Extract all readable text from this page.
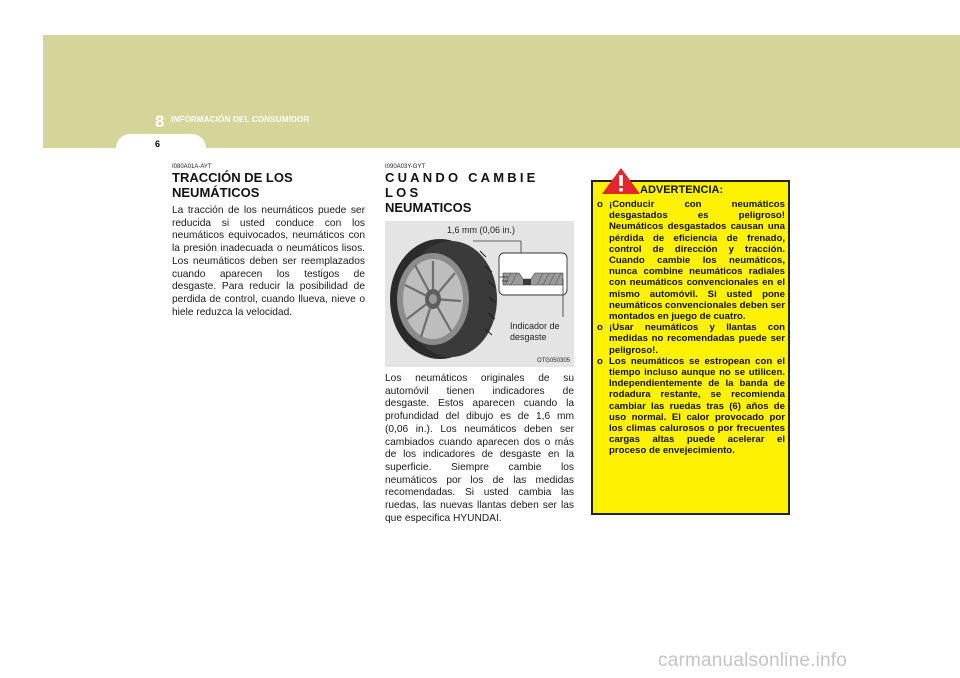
8 INFORMACIÓN DEL CONSUMIDOR
6
I080A01A-AYT
TRACCIÓN DE LOS
NEUMÁTICOS
La tracción de los neumáticos puede ser reducida si usted conduce con los neumáticos equivocados, neumáticos con la presión inadecuada o neumáticos lisos. Los neumáticos deben ser reemplazados cuando aparecen los testigos de desgaste. Para reducir la posibilidad de perdida de control, cuando llueva, nieve o hiele reduzca la velocidad.
I090A03Y-GYT
CUANDO CAMBIE LOS
NEUMATICOS
1,6 mm (0,06 in.)
Indicador de
desgaste
OTG050305
Los neumáticos originales de su automóvil tienen indicadores de desgaste. Estos aparecen cuando la profundidad del dibujo es de 1,6 mm (0,06 in.). Los neumáticos deben ser cambiados cuando aparecen dos o más de los indicadores de desgaste en la superficie. Siempre cambie los neumáticos por los de las medidas recomendadas. Si usted cambia las ruedas, las nuevas llantas deben ser las que especifica HYUNDAI.
ADVERTENCIA:
o ¡Conducir con neumáticos desgastados es peligroso! Neumáticos desgastados causan una pérdida de eficiencia de frenado, control de dirección y tracción. Cuando cambie los neumáticos, nunca combine neumáticos radiales con neumáticos convencionales en el mismo automóvil. Si usted pone neumáticos convencionales deben ser montados en juego de cuatro.
o ¡Usar neumáticos y llantas con medidas no recomendadas puede ser peligroso!.
o Los neumáticos se estropean con el tiempo incluso aunque no se utilicen. Independientemente de la banda de rodadura restante, se recomienda cambiar las ruedas tras (6) años de uso normal. El calor provocado por los climas calurosos o por frecuentes cargas altas puede acelerar el proceso de envejecimiento.
carmanualsonline.info
